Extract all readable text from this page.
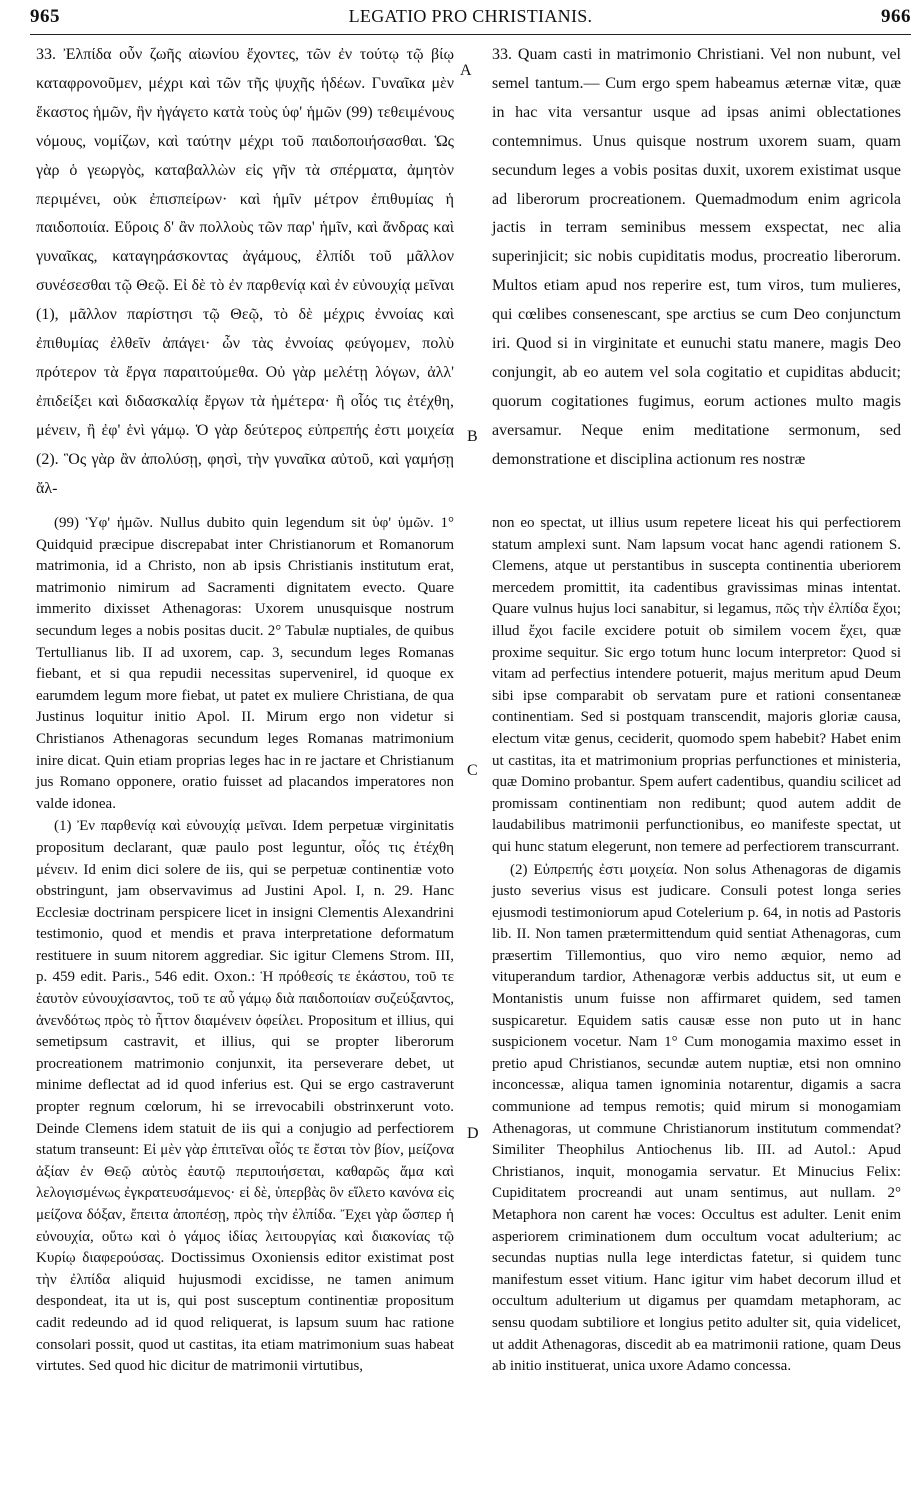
965	LEGATIO PRO CHRISTIANIS.	966

33. Ἐλπίδα οὖν ζωῆς αἰωνίου ἔχοντες, τῶν ἐν τούτῳ τῷ βίῳ καταφρονοῦμεν, μέχρι καὶ τῶν τῆς ψυχῆς ἡδέων. Γυναῖκα μὲν ἕκαστος ἡμῶν, ἣν ἠγάγετο κατὰ τοὺς ὑφ' ἡμῶν (99) τεθειμένους νόμους, νομίζων, καὶ ταύτην μέχρι τοῦ παιδοποιήσασθαι. Ὡς γὰρ ὁ γεωργὸς, καταβαλλὼν εἰς γῆν τὰ σπέρματα, ἀμητὸν περιμένει, οὐκ ἐπισπείρων· καὶ ἡμῖν μέτρον ἐπιθυμίας ἡ παιδοποιία. Εὕροις δ' ἂν πολλοὺς τῶν παρ' ἡμῖν, καὶ ἄνδρας καὶ γυναῖκας, καταγηράσκοντας ἀγάμους, ἐλπίδι τοῦ μᾶλλον συνέσεσθαι τῷ Θεῷ. Εἰ δὲ τὸ ἐν παρθενίᾳ καὶ ἐν εὐνουχίᾳ μεῖναι (1), μᾶλλον παρίστησι τῷ Θεῷ, τὸ δὲ μέχρις ἐννοίας καὶ ἐπιθυμίας ἐλθεῖν ἀπάγει· ὧν τὰς ἐννοίας φεύγομεν, πολὺ πρότερον τὰ ἔργα παραιτούμεθα. Οὐ γὰρ μελέτῃ λόγων, ἀλλ' ἐπιδείξει καὶ διδασκαλίᾳ ἔργων τὰ ἡμέτερα· ἢ οἷός τις ἐτέχθη, μένειν, ἢ ἐφ' ἑνὶ γάμῳ. Ὁ γὰρ δεύτερος εὐπρεπής ἐστι μοιχεία (2). Ὃς γὰρ ἂν ἀπολύσῃ, φησὶ, τὴν γυναῖκα αὐτοῦ, καὶ γαμήσῃ ἄλ-

33. Quam casti in matrimonio Christiani. Vel non nubunt, vel semel tantum.— Cum ergo spem habeamus æternæ vitæ, quæ in hac vita versantur usque ad ipsas animi oblectationes contemnimus. Unus quisque nostrum uxorem suam, quam secundum leges a vobis positas duxit, uxorem existimat usque ad liberorum procreationem. Quemadmodum enim agricola jactis in terram seminibus messem exspectat, nec alia superinjicit; sic nobis cupiditatis modus, procreatio liberorum. Multos etiam apud nos reperire est, tum viros, tum mulieres, qui cœlibes consenescant, spe arctius se cum Deo conjunctum iri. Quod si in virginitate et eunuchi statu manere, magis Deo conjungit, ab eo autem vel sola cogitatio et cupiditas abducit; quorum cogitationes fugimus, eorum actiones multo magis aversamur. Neque enim meditatione sermonum, sed demonstratione et disciplina actionum res nostræ

A
B
C
D

(99) Ὑφ' ἡμῶν. Nullus dubito quin legendum sit ὑφ' ὑμῶν. 1° Quidquid præcipue discrepabat inter Christianorum et Romanorum matrimonia, id a Christo, non ab ipsis Christianis institutum erat, matrimonio nimirum ad Sacramenti dignitatem evecto. Quare immerito dixisset Athenagoras: Uxorem unusquisque nostrum secundum leges a nobis positas ducit. 2° Tabulæ nuptiales, de quibus Tertullianus lib. II ad uxorem, cap. 3, secundum leges Romanas fiebant, et si qua repudii necessitas supervenirel, id quoque ex earumdem legum more fiebat, ut patet ex muliere Christiana, de qua Justinus loquitur initio Apol. II. Mirum ergo non videtur si Christianos Athenagoras secundum leges Romanas matrimonium inire dicat. Quin etiam proprias leges hac in re jactare et Christianum jus Romano opponere, oratio fuisset ad placandos imperatores non valde idonea.

(1) Ἐν παρθενίᾳ καὶ εὐνουχίᾳ μεῖναι. Idem perpetuæ virginitatis propositum declarant, quæ paulo post leguntur, οἷός τις ἐτέχθη μένειν. Id enim dici solere de iis, qui se perpetuæ continentiæ voto obstringunt, jam observavimus ad Justini Apol. I, n. 29. Hanc Ecclesiæ doctrinam perspicere licet in insigni Clementis Alexandrini testimonio, quod et mendis et prava interpretatione deformatum restituere in suum nitorem aggrediar. Sic igitur Clemens Strom. III, p. 459 edit. Paris., 546 edit. Oxon.: Ἡ πρόθεσίς τε ἑκάστου, τοῦ τε ἑαυτὸν εὐνουχίσαντος, τοῦ τε αὖ γάμῳ διὰ παιδοποιίαν συζεύξαντος, ἀνενδότως πρὸς τὸ ἧττον διαμένειν ὀφείλει. Propositum et illius, qui semetipsum castravit, et illius, qui se propter liberorum procreationem matrimonio conjunxit, ita perseverare debet, ut minime deflectat ad id quod inferius est. Qui se ergo castraverunt propter regnum cœlorum, hi se irrevocabili obstrinxerunt voto. Deinde Clemens idem statuit de iis qui a conjugio ad perfectiorem statum transeunt: Εἰ μὲν γὰρ ἐπιτεῖναι οἷός τε ἔσται τὸν βίον, μείζονα ἀξίαν ἐν Θεῷ αὑτὸς ἑαυτῷ περιποιήσεται, καθαρῶς ἅμα καὶ λελογισμένως ἐγκρατευσάμενος· εἰ δὲ, ὑπερβὰς ὃν εἵλετο κανόνα εἰς μείζονα δόξαν, ἔπειτα ἀποπέσῃ, πρὸς τὴν ἐλπίδα. Ἔχει γὰρ ὥσπερ ἡ εὐνουχία, οὕτω καὶ ὁ γάμος ἰδίας λειτουργίας καὶ διακονίας τῷ Κυρίῳ διαφερούσας. Doctissimus Oxoniensis editor existimat post τὴν ἐλπίδα aliquid hujusmodi excidisse, ne tamen animum despondeat, ita ut is, qui post susceptum continentiæ propositum cadit redeundo ad id quod reliquerat, is lapsum suum hac ratione consolari possit, quod ut castitas, ita etiam matrimonium suas habeat virtutes. Sed quod hic dicitur de matrimonii virtutibus,

non eo spectat, ut illius usum repetere liceat his qui perfectiorem statum amplexi sunt. Nam lapsum vocat hanc agendi rationem S. Clemens, atque ut perstantibus in suscepta continentia uberiorem mercedem promittit, ita cadentibus gravissimas minas intentat. Quare vulnus hujus loci sanabitur, si legamus, πῶς τὴν ἐλπίδα ἔχοι; illud ἔχοι facile excidere potuit ob similem vocem ἔχει, quæ proxime sequitur. Sic ergo totum hunc locum interpretor: Quod si vitam ad perfectius intendere potuerit, majus meritum apud Deum sibi ipse comparabit ob servatam pure et rationi consentaneæ continentiam. Sed si postquam transcendit, majoris gloriæ causa, electum vitæ genus, ceciderit, quomodo spem habebit? Habet enim ut castitas, ita et matrimonium proprias perfunctiones et ministeria, quæ Domino probantur. Spem aufert cadentibus, quandiu scilicet ad promissam continentiam non redibunt; quod autem addit de laudabilibus matrimonii perfunctionibus, eo manifeste spectat, ut qui hunc statum elegerunt, non temere ad perfectiorem transcurrant.

(2) Εὐπρεπής ἐστι μοιχεία. Non solus Athenagoras de digamis justo severius visus est judicare. Consuli potest longa series ejusmodi testimoniorum apud Cotelerium p. 64, in notis ad Pastoris lib. II. Non tamen prætermittendum quid sentiat Athenagoras, cum præsertim Tillemontius, quo viro nemo æquior, nemo ad vituperandum tardior, Athenagoræ verbis adductus sit, ut eum e Montanistis unum fuisse non affirmaret quidem, sed tamen suspicaretur. Equidem satis causæ esse non puto ut in hanc suspicionem vocetur. Nam 1° Cum monogamia maximo esset in pretio apud Christianos, secundæ autem nuptiæ, etsi non omnino inconcessæ, aliqua tamen ignominia notarentur, digamis a sacra communione ad tempus remotis; quid mirum si monogamiam Athenagoras, ut commune Christianorum institutum commendat? Similiter Theophilus Antiochenus lib. III. ad Autol.: Apud Christianos, inquit, monogamia servatur. Et Minucius Felix: Cupiditatem procreandi aut unam sentimus, aut nullam. 2° Metaphora non carent hæ voces: Occultus est adulter. Lenit enim asperiorem criminationem dum occultum vocat adulterium; ac secundas nuptias nulla lege interdictas fatetur, si quidem tunc manifestum esset vitium. Hanc igitur vim habet decorum illud et occultum adulterium ut digamus per quamdam metaphoram, ac sensu quodam subtiliore et longius petito adulter sit, quia videlicet, ut addit Athenagoras, discedit ab ea matrimonii ratione, quam Deus ab initio instituerat, unica uxore Adamo concessa.
